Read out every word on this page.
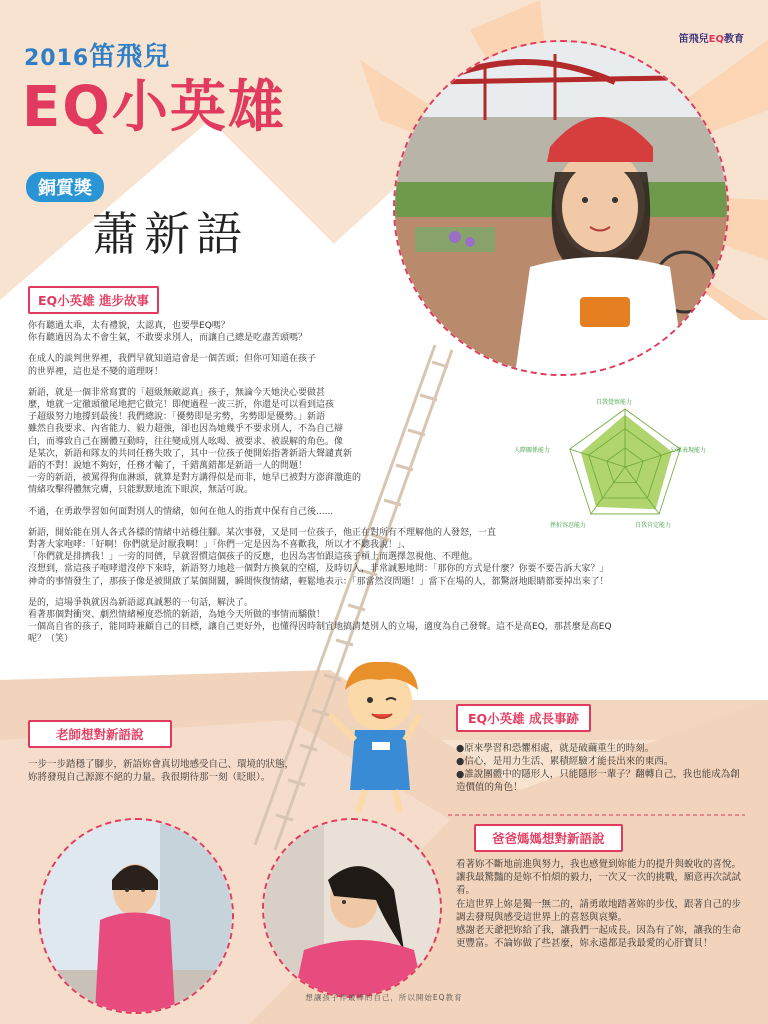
笛飛兒EQ教育
2016笛飛兒
EQ小英雄
銅質獎
蕭新語
自我覺察能力
公眾表現能力
自我肯定能力
挫折容忍能力
人際關係能力
EQ小英雄 進步故事

你有聽過太乖，太有禮貌，太認真，也要學EQ嗎？
你有聽過因為太不會生氣，不敢要求別人，而讓自己總是吃盡苦頭嗎？

在成人的談判世界裡，我們早就知道這會是一個苦頭；但你可知道在孩子
的世界裡，這也是不變的道理呀！

新語，就是一個非常寫實的「超級無敵認真」孩子，無論今天她決心要做甚
麼，她就一定徹頭徹尾地把它做完！即便過程一波三折，你還是可以看到這孩
子超級努力地撐到最後！我們總說：「優勢即是劣勢，劣勢即是優勢。」新語
雖然自我要求、內省能力、毅力超強，卻也因為她幾乎不要求別人，不為自己辯
白，而導致自己在團體互動時，往往變成別人吆喝、被要求、被誤解的角色。像
是某次，新語和隊友的共同任務失敗了，其中一位孩子便開始指著新語大聲譴責新
語的不對！說她不夠好，任務才輸了，千錯萬錯都是新語一人的問題！
一旁的新語，被罵得狗血淋頭，就算是對方講得似是而非，她早已被對方澎湃激進的
情緒攻擊得體無完膚，只能默默地流下眼淚，無話可說。

不過，在勇敢學習如何面對別人的情緒，如何在他人的指責中保有自己後......

新語，開始能在別人各式各樣的情緒中站穩住腳。某次事發，又是同一位孩子，他正在對所有不理解他的人發怒，一直
對著大家咆哮：「好啊！你們就是討厭我啊！」「你們一定是因為不喜歡我，所以才不聽我說！」、
「你們就是排擠我！」一旁的同儕，早就習慣這個孩子的反應，也因為害怕跟這孩子槓上而選擇忽視他、不理他。
沒想到，當這孩子咆哮還沒停下來時，新語努力地趁一個對方換氣的空檔，及時切入，非常誠懇地問：「那你的方式是什麼？你要不要告訴大家？」
神奇的事情發生了，那孩子像是被開啟了某個開關，瞬間恢復情緒，輕鬆地表示：「那當然沒問題！」當下在場的人，都驚訝地眼睛都要掉出來了！

是的，這場爭執就因為新語認真誠懇的一句話，解決了。
看著那個對衝突、劇烈情緒極度恐慌的新語，為她今天所做的事情而驕傲！
一個高自省的孩子，能同時兼顧自己的目標，讓自己更好外，也懂得因時制宜地搞清楚別人的立場，適度為自己發聲。這不是高EQ，那甚麼是高EQ
呢？（笑）

老師想對新語說
一步一步踏穩了腳步，新語妳會真切地感受自己、環境的狀態，妳將發現自己源源不絕的力量。我很期待那一刻（眨眼）。
EQ小英雄 成長事跡
●原來學習和恐懼相處，就是破繭重生的時刻。
●信心，是用力生活、累積經驗才能長出來的東西。
●誰說團體中的隱形人，只能隱形一輩子？翻轉自己，我也能成為創造價值的角色！
爸爸媽媽想對新語說
看著妳不斷地前進與努力，我也感覺到妳能力的提升與蛻收的喜悅。讓我最驚豔的是妳不怕煩的毅力，一次又一次的挑戰，願意再次試試看。
在這世界上妳是獨一無二的，請勇敢地踏著妳的步伐，跟著自己的步調去發現與感受這世界上的喜怒與哀樂。
感謝老天爺把妳給了我，讓我們一起成長。因為有了妳，讓我的生命更豐富。不論妳做了些甚麼，妳永遠都是我最愛的心肝寶貝！
想讓孩子作最棒的自己，所以開始EQ教育
